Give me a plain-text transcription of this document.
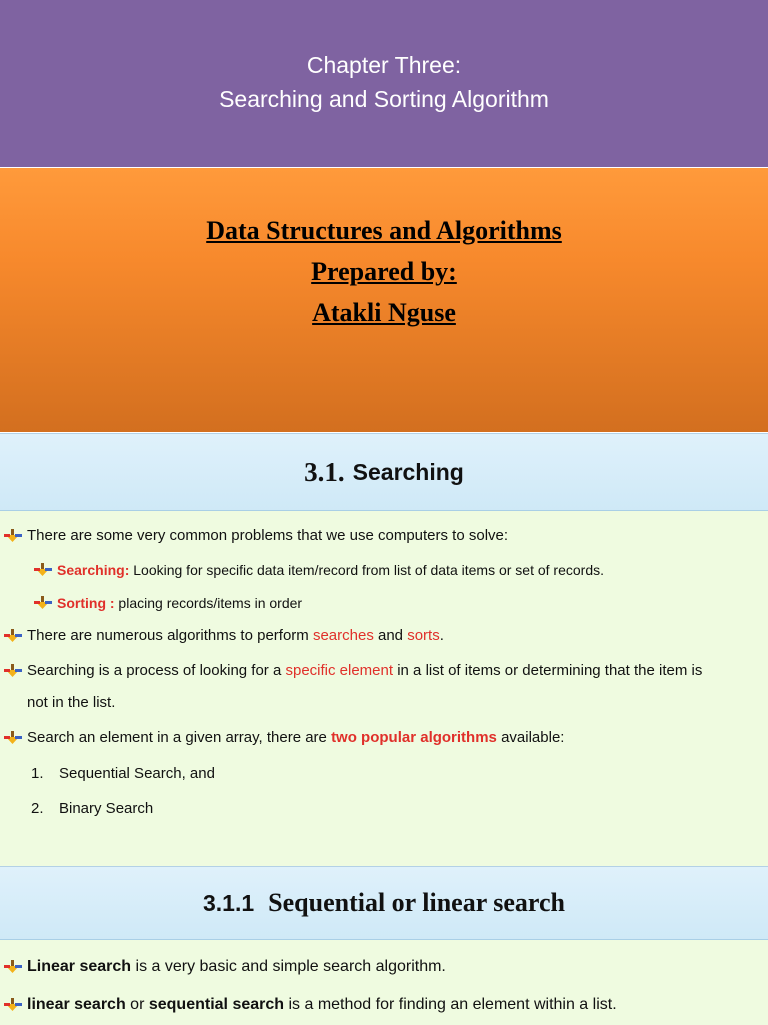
Chapter Three:
Searching and Sorting Algorithm
Data Structures and Algorithms
Prepared by:
Atakli Nguse
3.1. Searching
There are some very common problems that we use computers to solve:
Searching: Looking for specific data item/record from list of data items or set of records.
Sorting : placing records/items in order
There are numerous algorithms to perform searches and sorts.
Searching is a process of looking for a specific element in a list of items or determining that the item is
not in the list.
Search an element in a given array, there are two popular algorithms available:
1. Sequential Search, and
2. Binary Search
3.1.1 Sequential or linear search
Linear search is a very basic and simple search algorithm.
linear search or sequential search is a method for finding an element within a list.
